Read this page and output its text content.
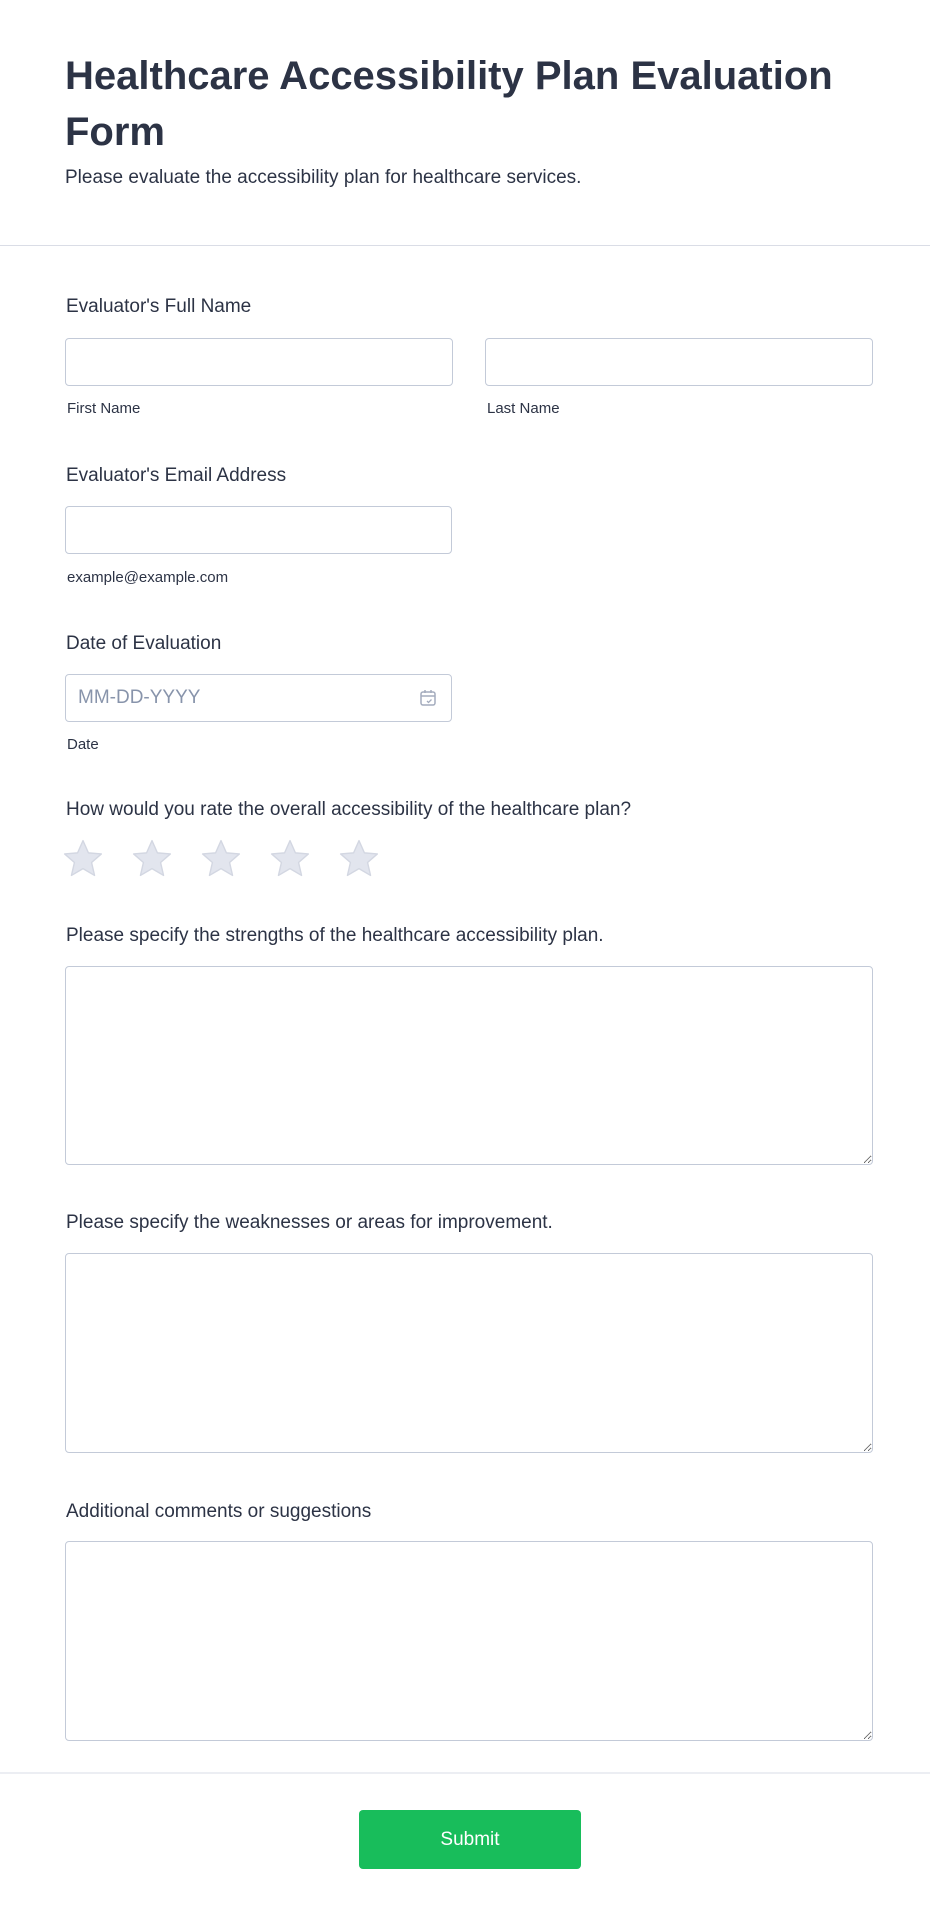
Healthcare Accessibility Plan Evaluation Form
Please evaluate the accessibility plan for healthcare services.
Evaluator's Full Name
First Name	Last Name
Evaluator's Email Address
example@example.com
Date of Evaluation
MM-DD-YYYY
Date
How would you rate the overall accessibility of the healthcare plan?
Please specify the strengths of the healthcare accessibility plan.
Please specify the weaknesses or areas for improvement.
Additional comments or suggestions
Submit
